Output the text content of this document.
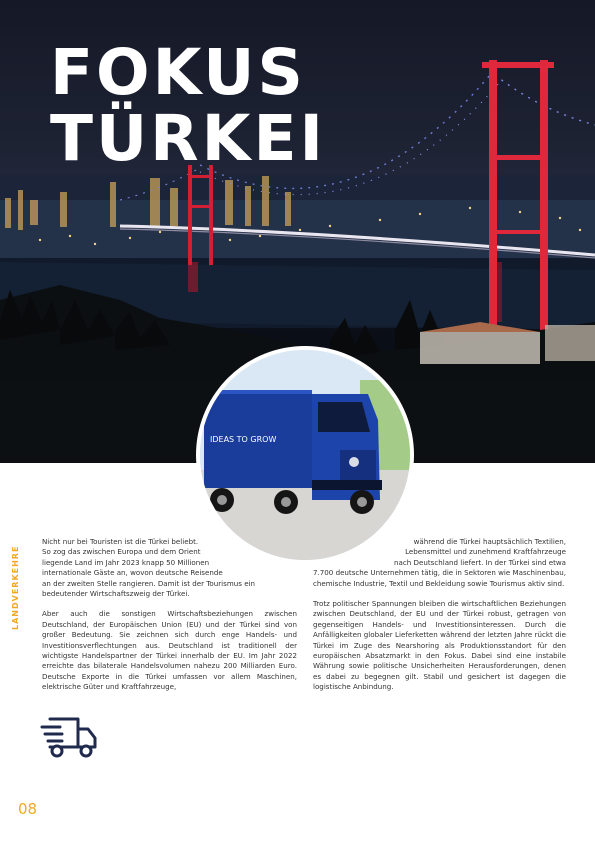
FOKUS
TÜRKEI
IDEAS TO GROW
LANDVERKEHRE

Nicht nur bei Touristen ist die Türkei beliebt.
So zog das zwischen Europa und dem Orient
liegende Land im Jahr 2023 knapp 50 Millionen
internationale Gäste an, wovon deutsche Reisende
an der zweiten Stelle rangieren. Damit ist der Tourismus ein
bedeutender Wirtschaftszweig der Türkei.

Aber auch die sonstigen Wirtschaftsbeziehungen zwischen Deutschland, der Europäischen Union (EU) und der Türkei sind von großer Bedeutung. Sie zeichnen sich durch enge Handels- und Investitionsverflechtungen aus. Deutschland ist traditionell der wichtigste Handelspartner der Türkei innerhalb der EU. Im Jahr 2022 erreichte das bilaterale Handelsvolumen nahezu 200 Milliarden Euro. Deutsche Exporte in die Türkei umfassen vor allem Maschinen, elektrische Güter und Kraftfahrzeuge,

während die Türkei hauptsächlich Textilien,
Lebensmittel und zunehmend Kraftfahrzeuge
nach Deutschland liefert. In der Türkei sind etwa
7.700 deutsche Unternehmen tätig, die in Sektoren wie Maschinenbau, chemische Industrie, Textil und Bekleidung sowie Tourismus aktiv sind.

Trotz politischer Spannungen bleiben die wirtschaftlichen Beziehungen zwischen Deutschland, der EU und der Türkei robust, getragen von gegenseitigen Handels- und Investitionsinteressen. Durch die Anfälligkeiten globaler Lieferketten während der letzten Jahre rückt die Türkei im Zuge des Nearshoring als Produktionsstandort für den europäischen Absatzmarkt in den Fokus. Dabei sind eine instabile Währung sowie politische Unsicherheiten Herausforderungen, denen es dabei zu begegnen gilt. Stabil und gesichert ist dagegen die logistische Anbindung.

08
